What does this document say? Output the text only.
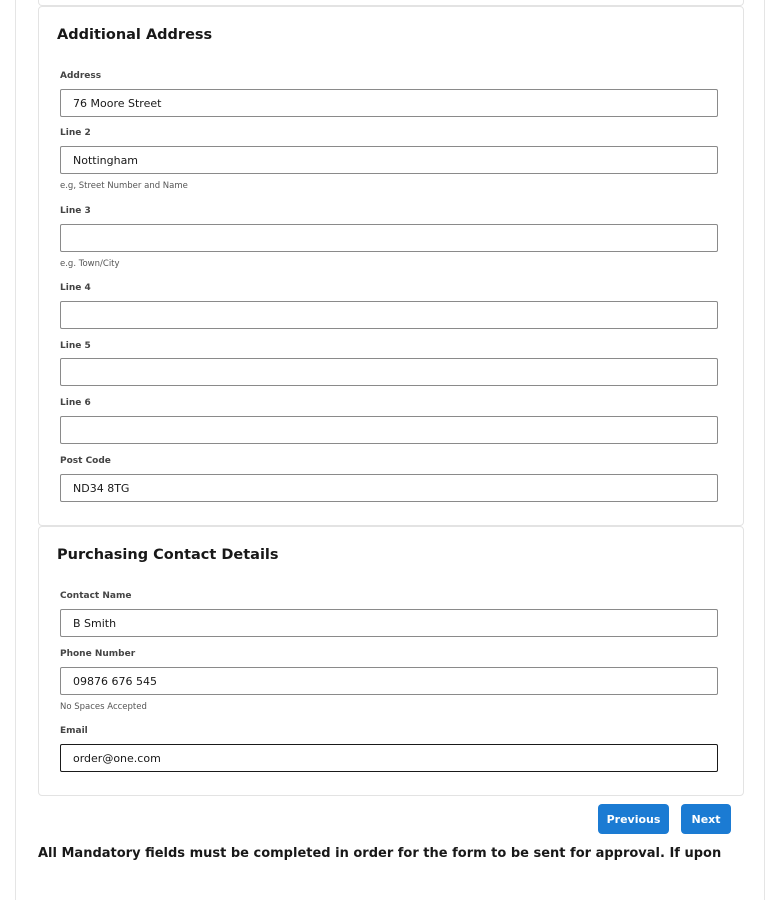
Additional Address
Address
76 Moore Street
Line 2
Nottingham
e.g, Street Number and Name
Line 3
e.g. Town/City
Line 4
Line 5
Line 6
Post Code
ND34 8TG
Purchasing Contact Details
Contact Name
B Smith
Phone Number
09876 676 545
No Spaces Accepted
Email
order@one.com
Previous	Next

All Mandatory fields must be completed in order for the form to be sent for approval. If upon
